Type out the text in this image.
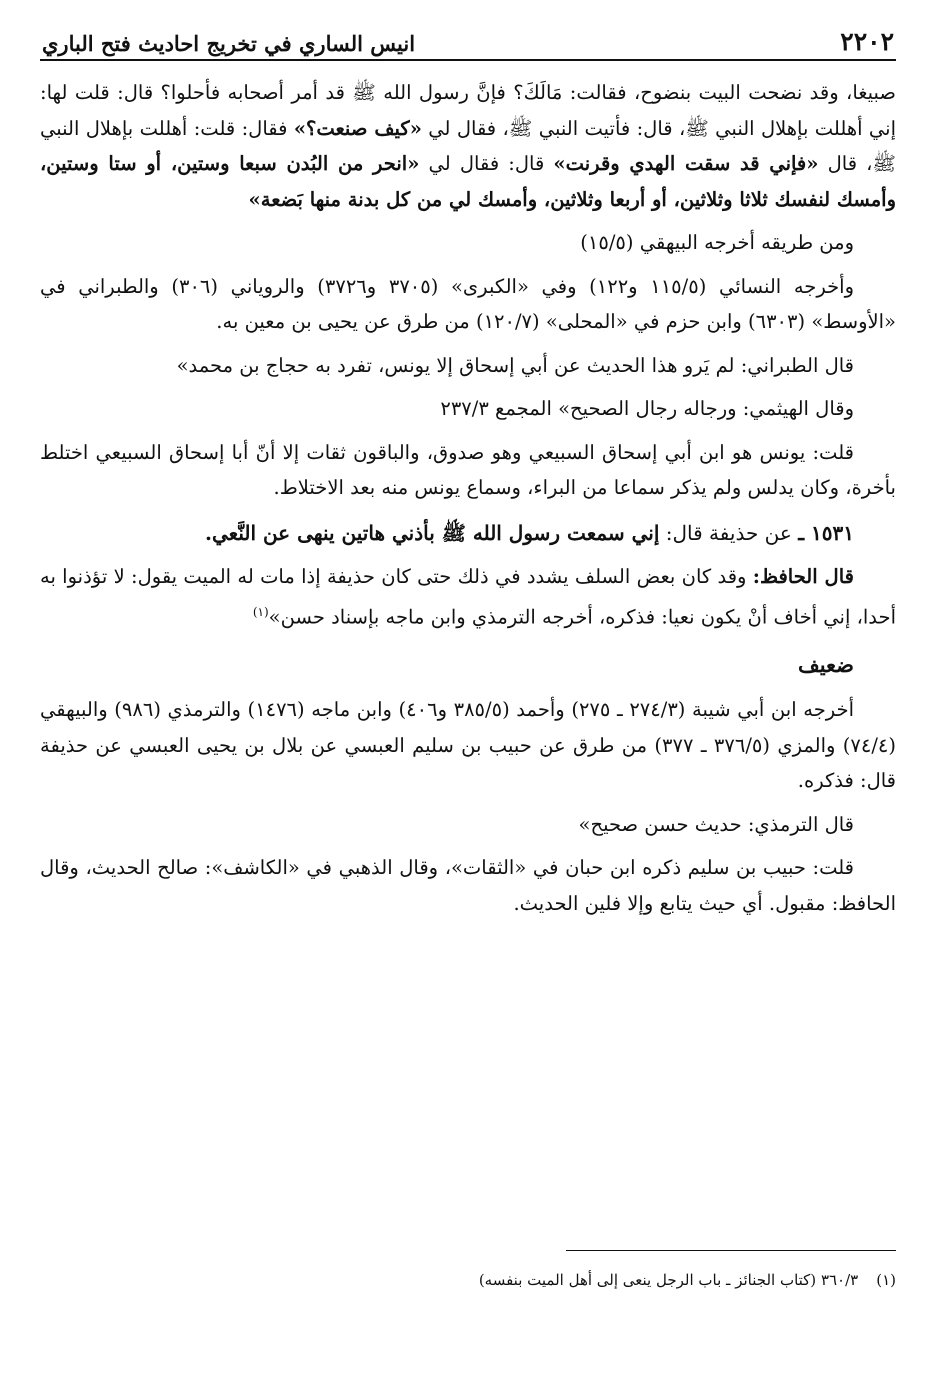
٢٢٠٢
انيس الساري في تخريج احاديث فتح الباري

صبيغا، وقد نضحت البيت بنضوح، فقالت: مَالَكَ؟ فإنَّ رسول الله ﷺ قد أمر أصحابه فأحلوا؟ قال: قلت لها: إني أهللت بإهلال النبي ﷺ، قال: فأتيت النبي ﷺ، فقال لي «كيف صنعت؟» فقال: قلت: أهللت بإهلال النبي ﷺ، قال «فإني قد سقت الهدي وقرنت» قال: فقال لي «انحر من البُدن سبعا وستين، أو ستا وستين، وأمسك لنفسك ثلاثا وثلاثين، أو أربعا وثلاثين، وأمسك لي من كل بدنة منها بَضعة»

ومن طريقه أخرجه البيهقي (١٥/٥)

وأخرجه النسائي (١١٥/٥ و١٢٢) وفي «الكبرى» (٣٧٠٥ و٣٧٢٦) والروياني (٣٠٦) والطبراني في «الأوسط» (٦٣٠٣) وابن حزم في «المحلى» (١٢٠/٧) من طرق عن يحيى بن معين به.

قال الطبراني: لم يَرو هذا الحديث عن أبي إسحاق إلا يونس، تفرد به حجاج بن محمد»

وقال الهيثمي: ورجاله رجال الصحيح» المجمع ٢٣٧/٣

قلت: يونس هو ابن أبي إسحاق السبيعي وهو صدوق، والباقون ثقات إلا أنّ أبا إسحاق السبيعي اختلط بأخرة، وكان يدلس ولم يذكر سماعا من البراء، وسماع يونس منه بعد الاختلاط.

١٥٣١ ـ عن حذيفة قال: إني سمعت رسول الله ﷺ بأذني هاتين ينهى عن النَّعي.

قال الحافظ: وقد كان بعض السلف يشدد في ذلك حتى كان حذيفة إذا مات له الميت يقول: لا تؤذنوا به أحدا، إني أخاف أنْ يكون نعيا: فذكره، أخرجه الترمذي وابن ماجه بإسناد حسن»$^{(١)}$

ضعيف

أخرجه ابن أبي شيبة (٢٧٤/٣ ـ ٢٧٥) وأحمد (٣٨٥/٥ و٤٠٦) وابن ماجه (١٤٧٦) والترمذي (٩٨٦) والبيهقي (٧٤/٤) والمزي (٣٧٦/٥ ـ ٣٧٧) من طرق عن حبيب بن سليم العبسي عن بلال بن يحيى العبسي عن حذيفة قال: فذكره.

قال الترمذي: حديث حسن صحيح»

قلت: حبيب بن سليم ذكره ابن حبان في «الثقات»، وقال الذهبي في «الكاشف»: صالح الحديث، وقال الحافظ: مقبول. أي حيث يتابع وإلا فلين الحديث.

(١)٣٦٠/٣ (كتاب الجنائز ـ باب الرجل ينعى إلى أهل الميت بنفسه)
